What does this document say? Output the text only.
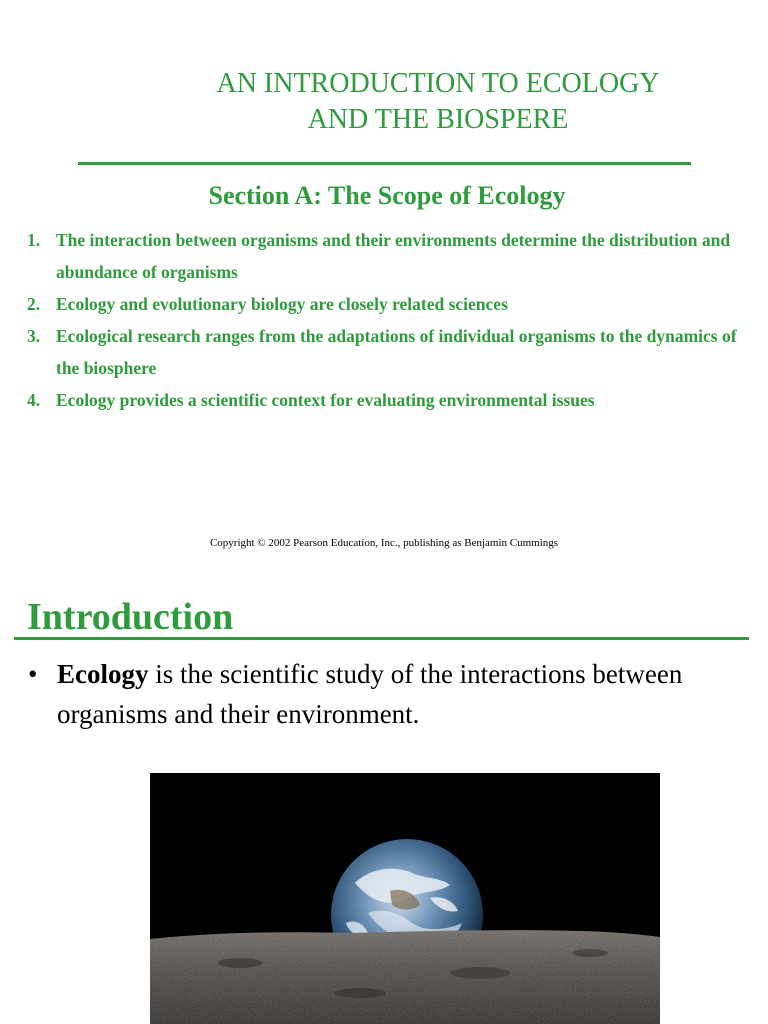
AN INTRODUCTION TO ECOLOGY
AND THE BIOSPERE
Section A: The Scope of Ecology
1. The interaction between organisms and their environments determine the distribution and abundance of organisms
2. Ecology and evolutionary biology are closely related sciences
3. Ecological research ranges from the adaptations of individual organisms to the dynamics of the biosphere
4. Ecology provides a scientific context for evaluating environmental issues
Copyright © 2002 Pearson Education, Inc., publishing as Benjamin Cummings
Introduction
• Ecology is the scientific study of the interactions between organisms and their environment.
